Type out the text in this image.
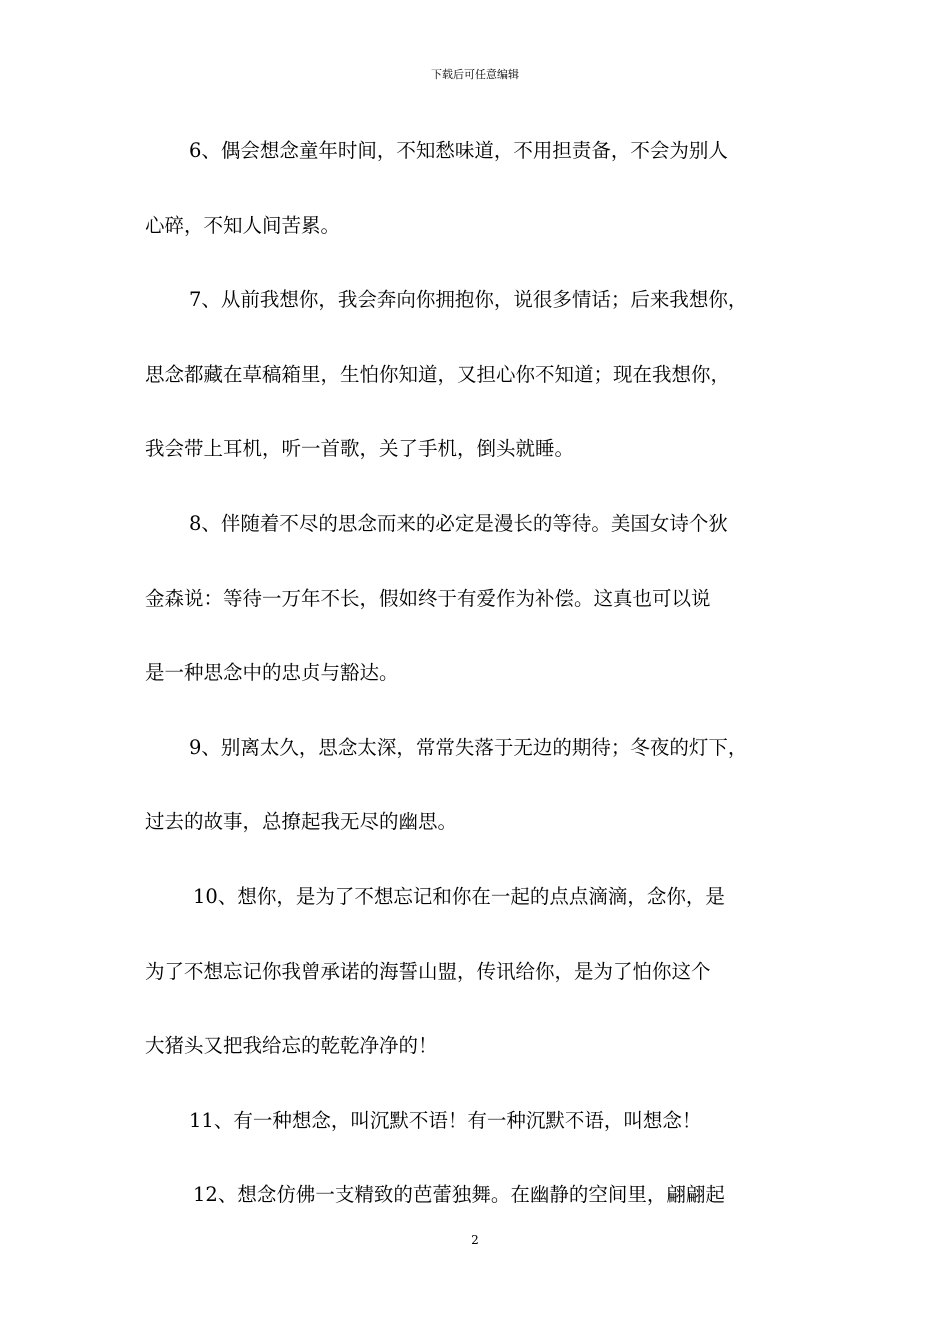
下载后可任意编辑
6、偶会想念童年时间，不知愁味道，不用担责备，不会为别人
心碎，不知人间苦累。
7、从前我想你，我会奔向你拥抱你，说很多情话；后来我想你，
思念都藏在草稿箱里，生怕你知道，又担心你不知道；现在我想你，
我会带上耳机，听一首歌，关了手机，倒头就睡。
8、伴随着不尽的思念而来的必定是漫长的等待。美国女诗个狄
金森说：等待一万年不长，假如终于有爱作为补偿。这真也可以说
是一种思念中的忠贞与豁达。
9、别离太久，思念太深，常常失落于无边的期待；冬夜的灯下，
过去的故事，总撩起我无尽的幽思。
10、想你，是为了不想忘记和你在一起的点点滴滴，念你，是
为了不想忘记你我曾承诺的海誓山盟，传讯给你，是为了怕你这个
大猪头又把我给忘的乾乾净净的！
11、有一种想念，叫沉默不语！有一种沉默不语，叫想念！
12、想念仿佛一支精致的芭蕾独舞。在幽静的空间里，翩翩起
2
